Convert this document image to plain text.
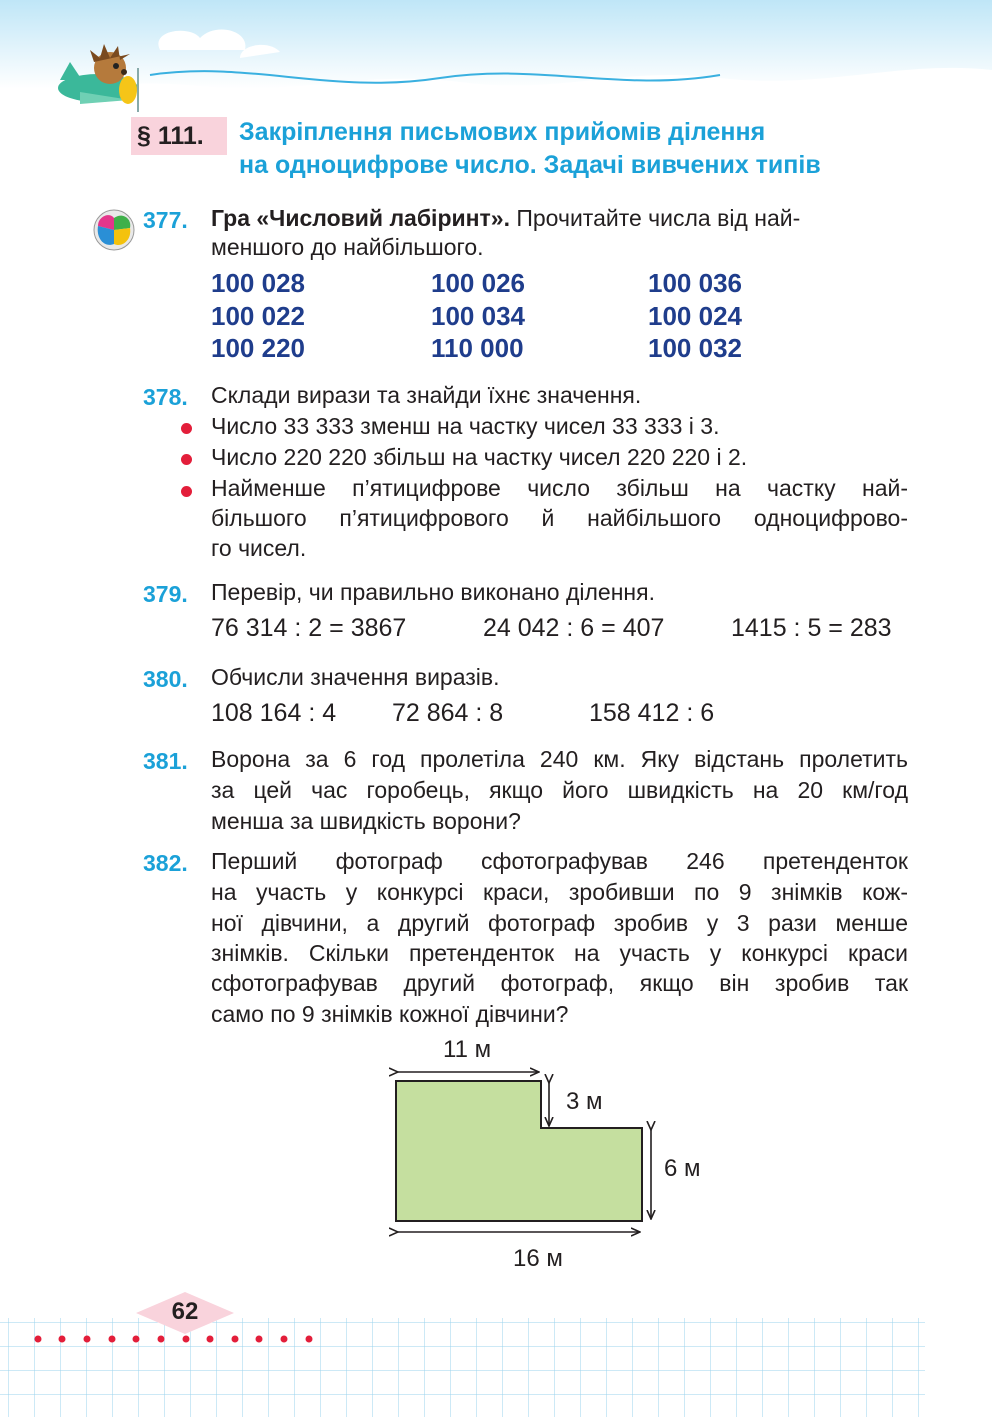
§ 111.	Закріплення письмових прийомів ділення
на одноцифрове число. Задачі вивчених типів
377. Гра «Числовий лабіринт». Прочитайте числа від най-
меншого до найбільшого.
100 028	100 026	100 036
100 022	100 034	100 024
100 220	110 000	100 032
378. Склади вирази та знайди їхнє значення.
Число 33 333 зменш на частку чисел 33 333 і 3.
Число 220 220 збільш на частку чисел 220 220 і 2.
Найменше п’ятицифрове число збільш на частку най-
більшого п’ятицифрового й найбільшого одноцифрово-
го чисел.
379. Перевір, чи правильно виконано ділення.
76 314 : 2 = 3867	24 042 : 6 = 407	1415 : 5 = 283
380. Обчисли значення виразів.
108 164 : 4 72 864 : 8	158 412 : 6
381. Ворона за 6 год пролетіла 240 км. Яку відстань пролетить
за цей час горобець, якщо його швидкість на 20 км/год
менша за швидкість ворони?
382. Перший фотограф сфотографував 246 претенденток
на участь у конкурсі краси, зробивши по 9 знімків кож-
ної дівчини, а другий фотограф зробив у 3 рази менше
знімків. Скільки претенденток на участь у конкурсі краси
сфотографував другий фотограф, якщо він зробив так
само по 9 знімків кожної дівчини?
11 м
3 м
6 м
16 м
62
